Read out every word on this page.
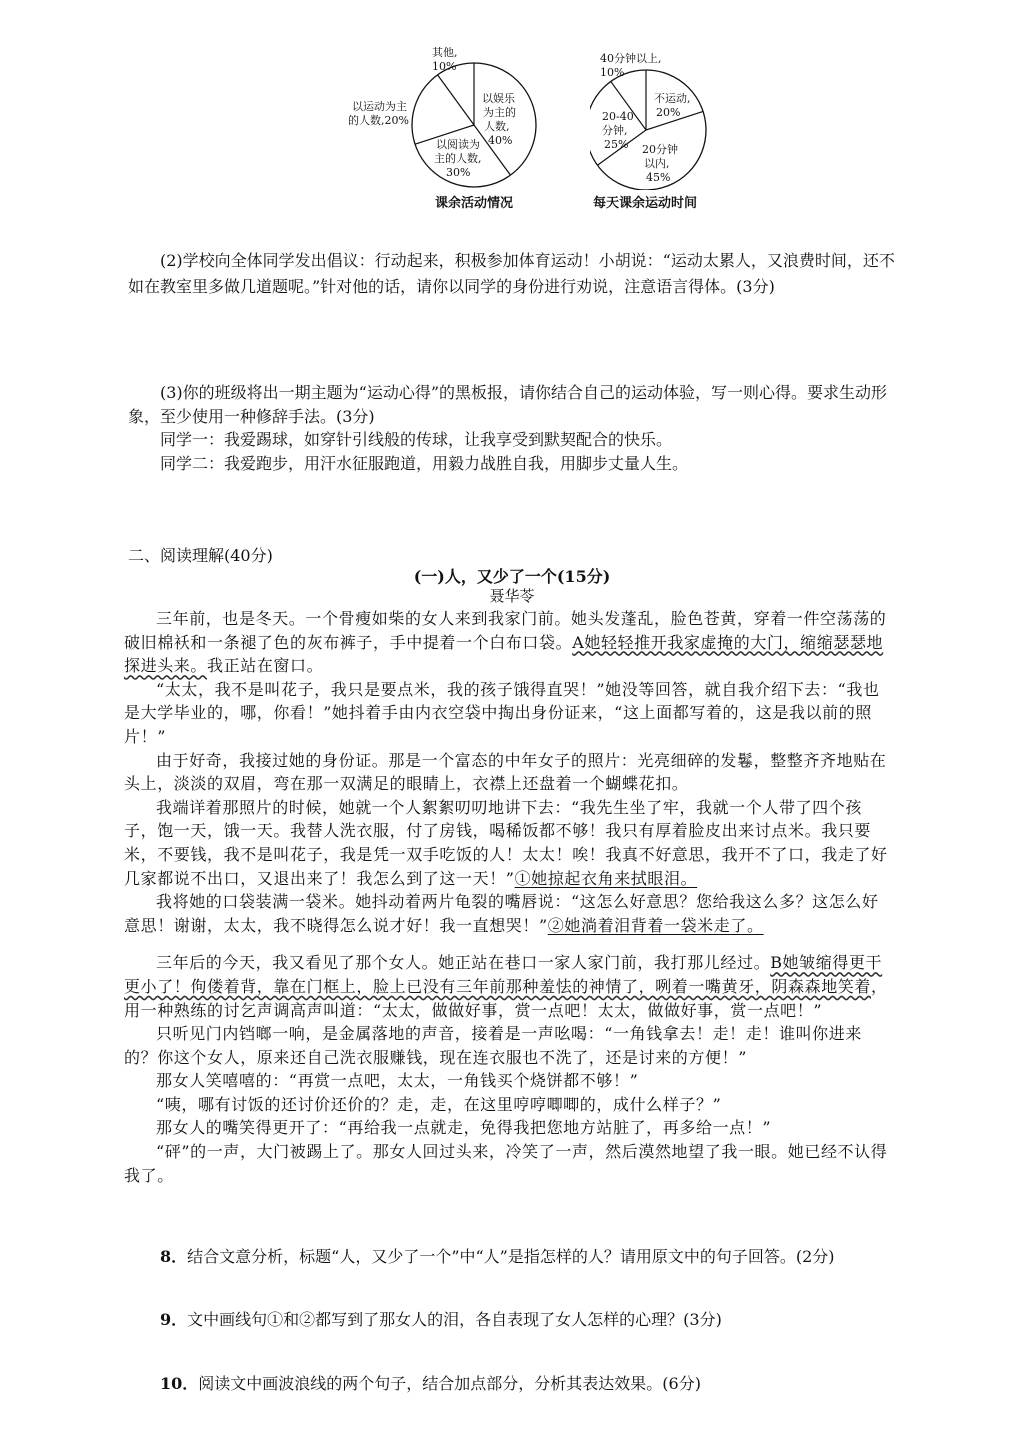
其他,
10%
以运动为主
的人数,20%
以娱乐
为主的
人数,
40%
以阅读为
主的人数,
30%
课余活动情况
40分钟以上,
10%
不运动,
20%
20-40
分钟,
25% 20分钟
以内,
45%
每天课余运动时间

(2)学校向全体同学发出倡议：行动起来，积极参加体育运动！小胡说：“运动太累人，又浪费时间，还不如在教室里多做几道题呢。”针对他的话，请你以同学的身份进行劝说，注意语言得体。(3分)

(3)你的班级将出一期主题为“运动心得”的黑板报，请你结合自己的运动体验，写一则心得。要求生动形象，至少使用一种修辞手法。(3分)

同学一：我爱踢球，如穿针引线般的传球，让我享受到默契配合的快乐。

同学二：我爱跑步，用汗水征服跑道，用毅力战胜自我，用脚步丈量人生。

二、阅读理解(40分)
(一)人，又少了一个(15分)
聂华苓

三年前，也是冬天。一个骨瘦如柴的女人来到我家门前。她头发蓬乱，脸色苍黄，穿着一件空荡荡的破旧棉袄和一条褪了色的灰布裤子，手中提着一个白布口袋。A她轻轻推开我家虚掩的大门，缩缩瑟瑟地探进头来。我正站在窗口。

“太太，我不是叫花子，我只是要点米，我的孩子饿得直哭！”她没等回答，就自我介绍下去：“我也是大学毕业的，哪，你看！”她抖着手由内衣空袋中掏出身份证来，“这上面都写着的，这是我以前的照片！”

由于好奇，我接过她的身份证。那是一个富态的中年女子的照片：光亮细碎的发鬈，整整齐齐地贴在头上，淡淡的双眉，弯在那一双满足的眼睛上，衣襟上还盘着一个蝴蝶花扣。

我端详着那照片的时候，她就一个人絮絮叨叨地讲下去：“我先生坐了牢，我就一个人带了四个孩子，饱一天，饿一天。我替人洗衣服，付了房钱，喝稀饭都不够！我只有厚着脸皮出来讨点米。我只要米，不要钱，我不是叫花子，我是凭一双手吃饭的人！太太！唉！我真不好意思，我开不了口，我走了好几家都说不出口，又退出来了！我怎么到了这一天！”①她掠起衣角来拭眼泪。

我将她的口袋装满一袋米。她抖动着两片龟裂的嘴唇说：“这怎么好意思？您给我这么多？这怎么好意思！谢谢，太太，我不晓得怎么说才好！我一直想哭！”②她淌着泪背着一袋米走了。

三年后的今天，我又看见了那个女人。她正站在巷口一家人家门前，我打那儿经过。B她皱缩得更干更小了！佝偻着背，靠在门框上，脸上已没有三年前那种羞怯的神情了，咧着一嘴黄牙，阴森森地笑着，用一种熟练的讨乞声调高声叫道：“太太，做做好事，赏一点吧！太太，做做好事，赏一点吧！”

只听见门内铛啷一响，是金属落地的声音，接着是一声吆喝：“一角钱拿去！走！走！谁叫你进来的？你这个女人，原来还自己洗衣服赚钱，现在连衣服也不洗了，还是讨来的方便！”

那女人笑嘻嘻的：“再赏一点吧，太太，一角钱买个烧饼都不够！”

“咦，哪有讨饭的还讨价还价的？走，走，在这里哼哼唧唧的，成什么样子？”

那女人的嘴笑得更开了：“再给我一点就走，免得我把您地方站脏了，再多给一点！”

“砰”的一声，大门被踢上了。那女人回过头来，冷笑了一声，然后漠然地望了我一眼。她已经不认得我了。

8．结合文意分析，标题“人，又少了一个”中“人”是指怎样的人？请用原文中的句子回答。(2分)
9．文中画线句①和②都写到了那女人的泪，各自表现了女人怎样的心理？(3分)
10．阅读文中画波浪线的两个句子，结合加点部分，分析其表达效果。(6分)
